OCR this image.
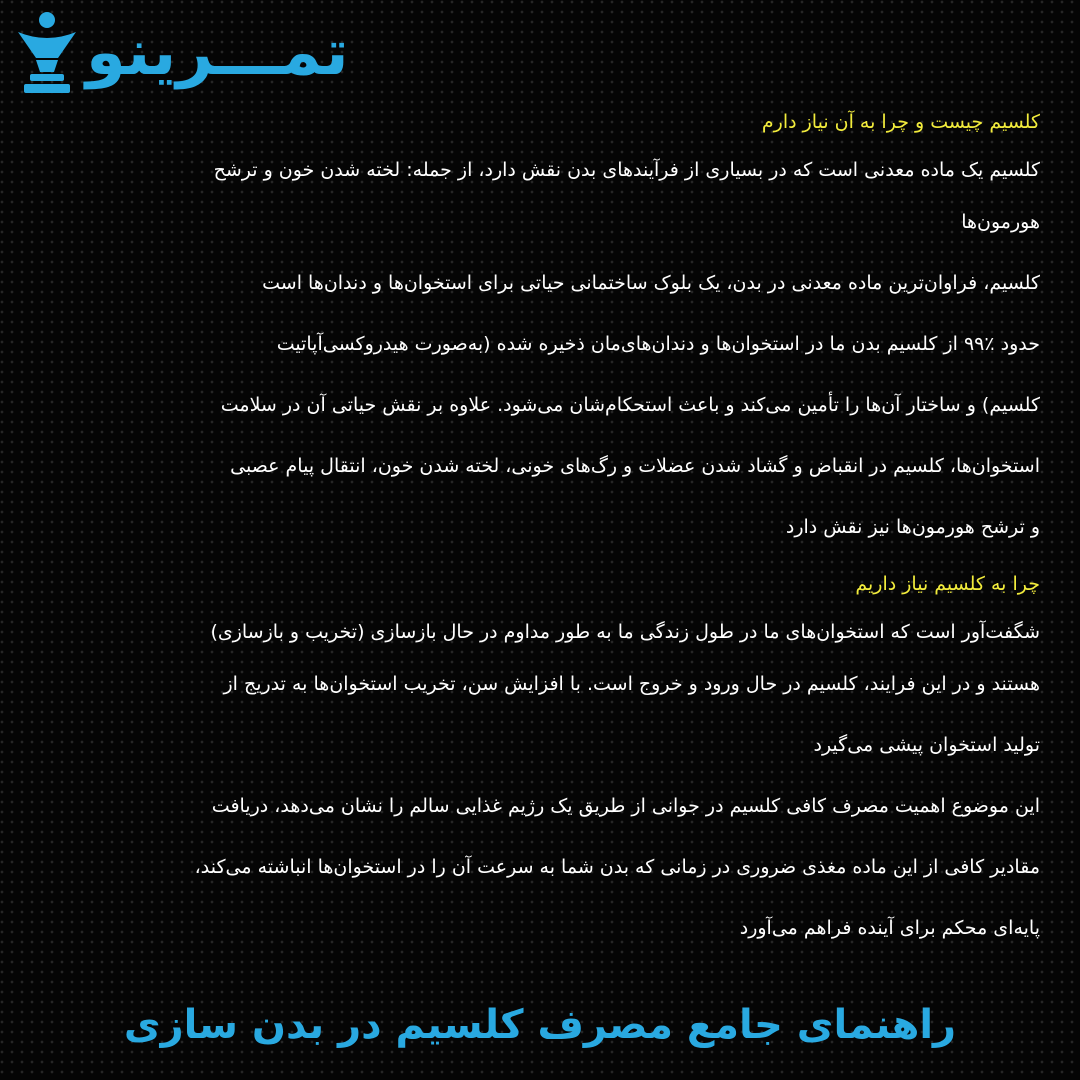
تمـــرینو
کلسیم چیست و چرا به آن نیاز دارم
کلسیم یک ماده معدنی است که در بسیاری از فرآیندهای بدن نقش دارد، از جمله: لخته شدن خون و ترشح
هورمون‌ها
کلسیم، فراوان‌ترین ماده معدنی در بدن، یک بلوک ساختمانی حیاتی برای استخوان‌ها و دندان‌ها است
حدود ٪۹۹ از کلسیم بدن ما در استخوان‌ها و دندان‌های‌مان ذخیره شده (به‌صورت هیدروکسی‌آپاتیت
کلسیم) و ساختار آن‌ها را تأمین می‌کند و باعث استحکام‌شان می‌شود. علاوه بر نقش حیاتی آن در سلامت
استخوان‌ها، کلسیم در انقباض و گشاد شدن عضلات و رگ‌های خونی، لخته شدن خون، انتقال پیام عصبی
و ترشح هورمون‌ها نیز نقش دارد
چرا به کلسیم نیاز داریم
شگفت‌آور است که استخوان‌های ما در طول زندگی ما به طور مداوم در حال بازسازی (تخریب و بازسازی)
هستند و در این فرایند، کلسیم در حال ورود و خروج است. با افزایش سن، تخریب استخوان‌ها به تدریج از
تولید استخوان پیشی می‌گیرد
این موضوع اهمیت مصرف کافی کلسیم در جوانی از طریق یک رژیم غذایی سالم را نشان می‌دهد، دریافت
مقادیر کافی از این ماده مغذی ضروری در زمانی که بدن شما به سرعت آن را در استخوان‌ها انباشته می‌کند،
پایه‌ای محکم برای آینده فراهم می‌آورد
راهنمای جامع مصرف کلسیم در بدن سازی
